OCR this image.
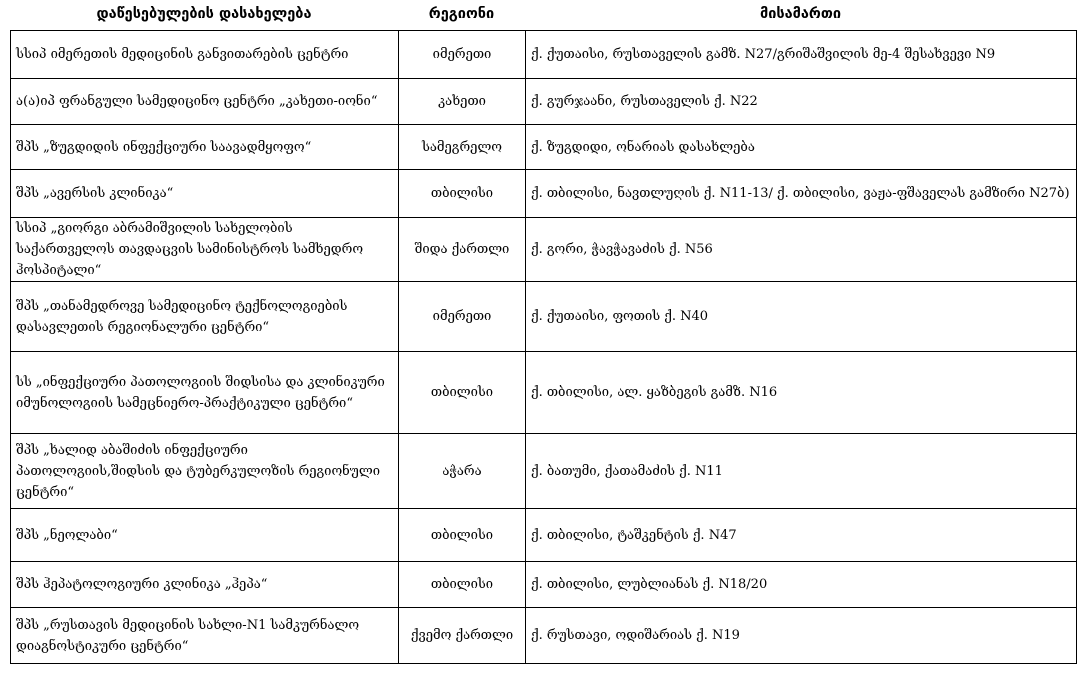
დაწესებულების დასახელება	რეგიონი	მისამართი
სსიპ იმერეთის მედიცინის განვითარების ცენტრი	იმერეთი	ქ. ქუთაისი, რუსთაველის გამზ. N27/გრიშაშვილის მე-4 შესახვევი N9
ა(ა)იპ ფრანგული სამედიცინო ცენტრი „კახეთი-იონი“	კახეთი	ქ. გურჯაანი, რუსთაველის ქ. N22
შპს „ზუგდიდის ინფექციური საავადმყოფო“	სამეგრელო	ქ. ზუგდიდი, ონარიას დასახლება
შპს „ავერსის კლინიკა“	თბილისი	ქ. თბილისი, ნავთლუღის ქ. N11-13/ ქ. თბილისი, ვაჟა-ფშაველას გამზირი N27ბ)
სსიპ „გიორგი აბრამიშვილის სახელობის საქართველოს თავდაცვის სამინისტროს სამხედრო ჰოსპიტალი“	შიდა ქართლი	ქ. გორი, ჭავჭავაძის ქ. N56
შპს „თანამედროვე სამედიცინო ტექნოლოგიების დასავლეთის რეგიონალური ცენტრი“	იმერეთი	ქ. ქუთაისი, ფოთის ქ. N40
სს „ინფექციური პათოლოგიის შიდსისა და კლინიკური იმუნოლოგიის სამეცნიერო-პრაქტიკული ცენტრი“	თბილისი	ქ. თბილისი, ალ. ყაზბეგის გამზ. N16
შპს „ხალიდ აბაშიძის ინფექციური პათოლოგიის,შიდსის და ტუბერკულოზის რეგიონული ცენტრი“	აჭარა	ქ. ბათუმი, ქათამაძის ქ. N11
შპს „ნეოლაბი“	თბილისი	ქ. თბილისი, ტაშკენტის ქ. N47
შპს ჰეპატოლოგიური კლინიკა „ჰეპა“	თბილისი	ქ. თბილისი, ლუბლიანას ქ. N18/20
შპს „რუსთავის მედიცინის სახლი-N1 სამკურნალო დიაგნოსტიკური ცენტრი“	ქვემო ქართლი	ქ. რუსთავი, ოდიშარიას ქ. N19
